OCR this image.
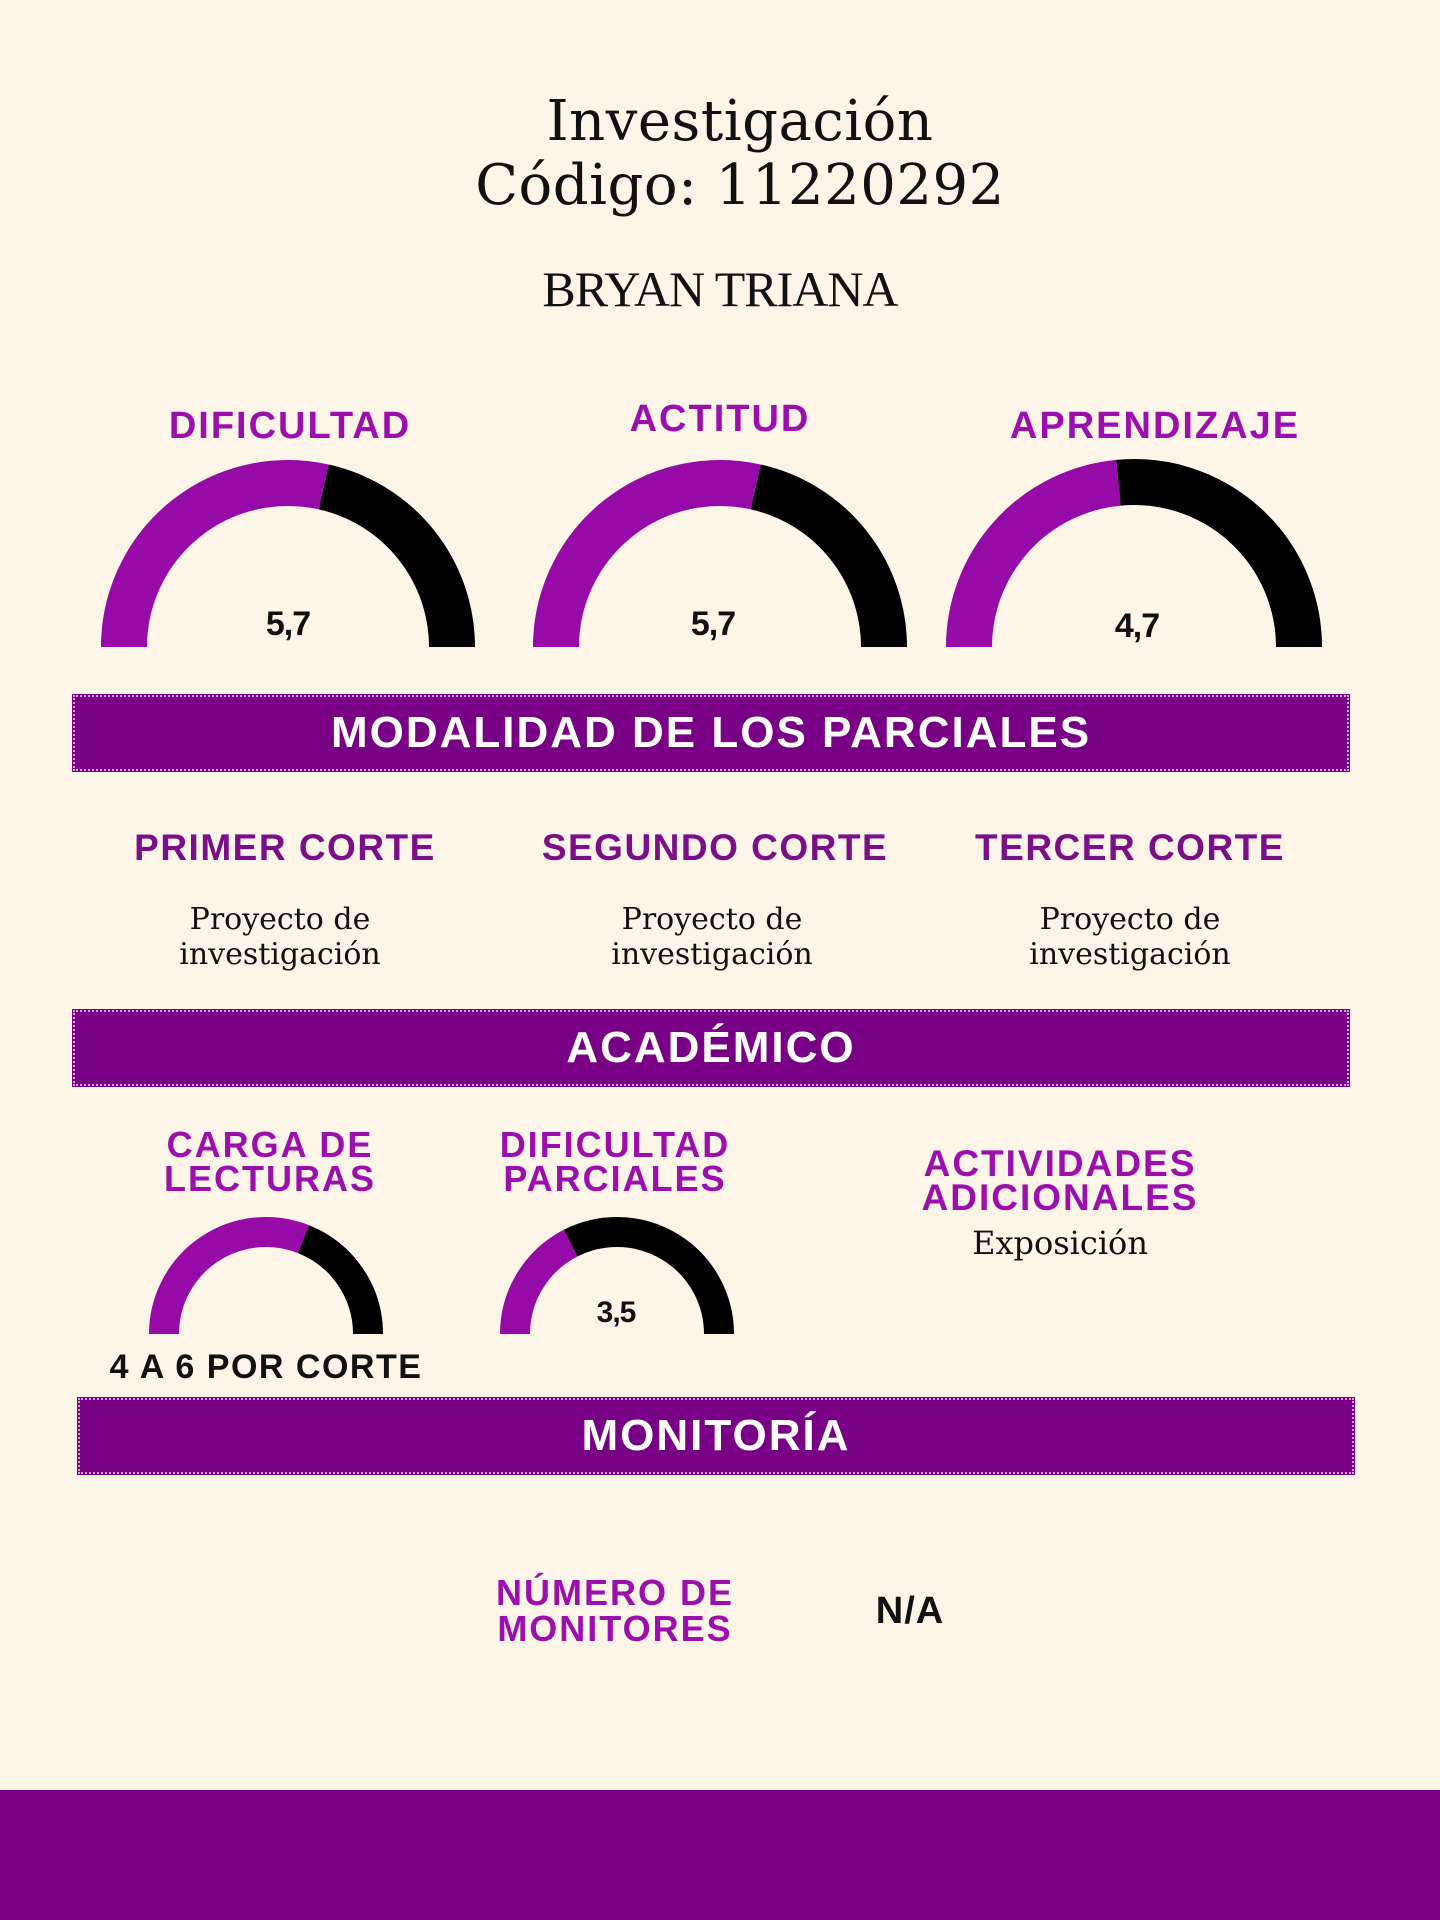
Investigación
Código: 11220292
BRYAN TRIANA
DIFICULTAD	ACTITUD	APRENDIZAJE
5,7	5,7	4,7
MODALIDAD DE LOS PARCIALES
PRIMER CORTE	SEGUNDO CORTE	TERCER CORTE
Proyecto de
investigación
Proyecto de
investigación
Proyecto de
investigación
ACADÉMICO
CARGA DE
LECTURAS
DIFICULTAD
PARCIALES	ACTIVIDADES ADICIONALES
Exposición
4 A 6 POR CORTE
3,5
MONITORÍA
NÚMERO DE
MONITORES	N/A
